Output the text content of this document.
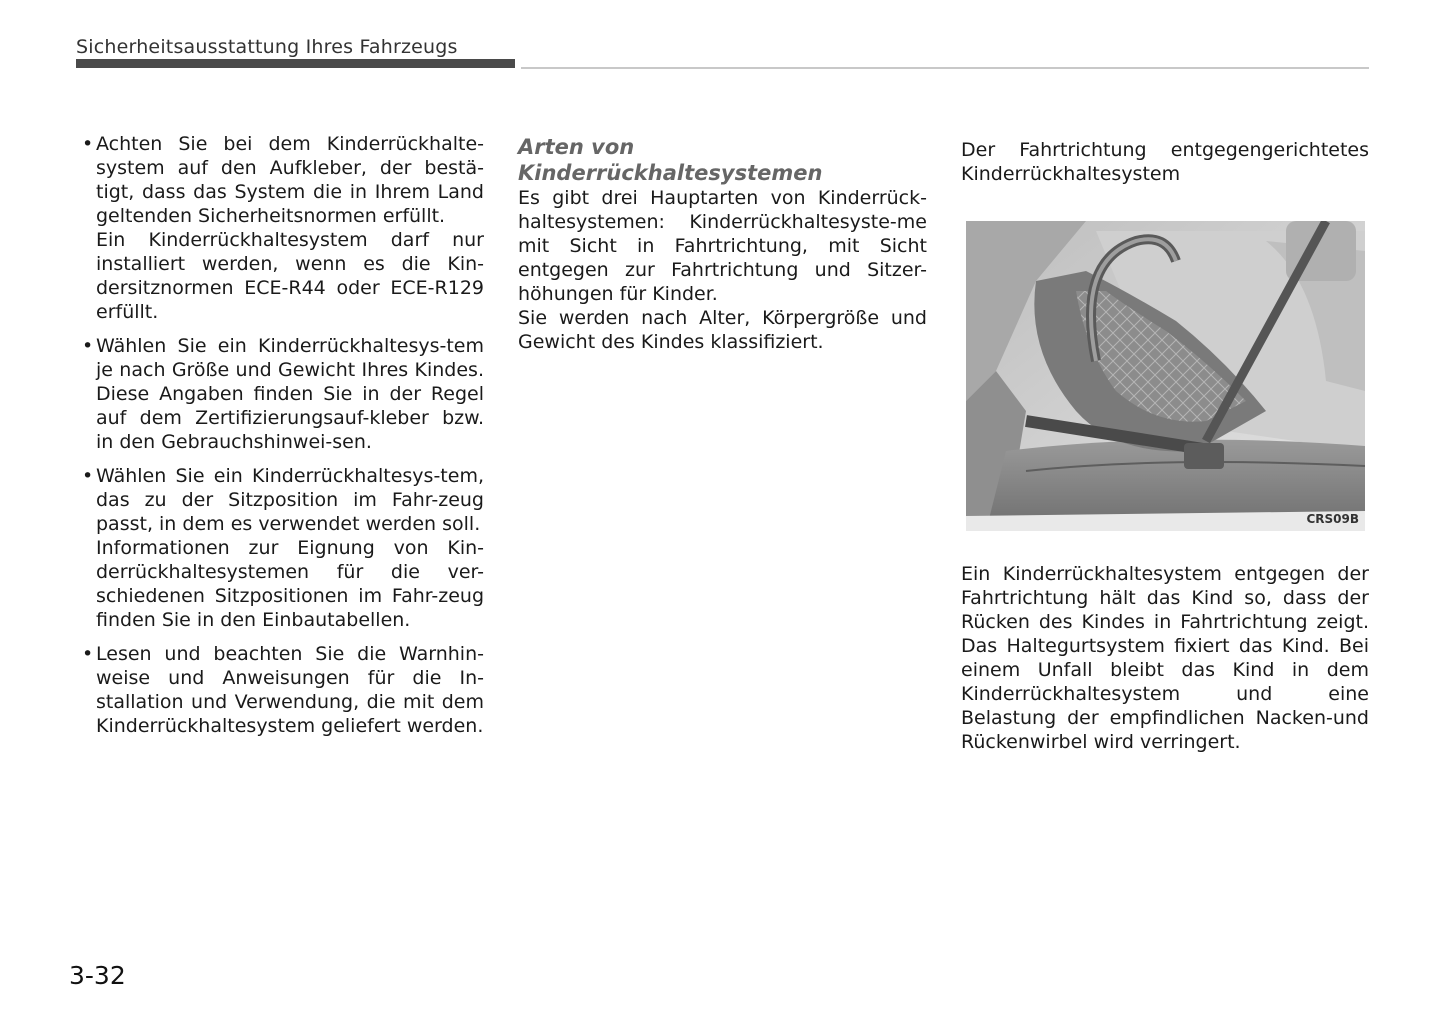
Sicherheitsausstattung Ihres Fahrzeugs
• Achten Sie bei dem Kinderrückhalte-system auf den Aufkleber, der bestä-tigt, dass das System die in Ihrem Land geltenden Sicherheitsnormen erfüllt.

Ein Kinderrückhaltesystem darf nur installiert werden, wenn es die Kin-dersitznormen ECE-R44 oder ECE-R129 erfüllt.

• Wählen Sie ein Kinderrückhaltesys-tem je nach Größe und Gewicht Ihres Kindes. Diese Angaben finden Sie in der Regel auf dem Zertifizierungsauf-kleber bzw. in den Gebrauchshinwei-sen.

• Wählen Sie ein Kinderrückhaltesys-tem, das zu der Sitzposition im Fahr-zeug passt, in dem es verwendet werden soll.

Informationen zur Eignung von Kin-derrückhaltesystemen für die ver-schiedenen Sitzpositionen im Fahr-zeug finden Sie in den Einbautabellen.

• Lesen und beachten Sie die Warnhin-weise und Anweisungen für die In-stallation und Verwendung, die mit dem Kinderrückhaltesystem geliefert werden.

Arten von Kinderrückhaltesystemen

Es gibt drei Hauptarten von Kinderrück-haltesystemen: Kinderrückhaltesyste-me mit Sicht in Fahrtrichtung, mit Sicht entgegen zur Fahrtrichtung und Sitzer-höhungen für Kinder.

Sie werden nach Alter, Körpergröße und Gewicht des Kindes klassifiziert.

Der Fahrtrichtung entgegengerichtetes Kinderrückhaltesystem

CRS09B

Ein Kinderrückhaltesystem entgegen der Fahrtrichtung hält das Kind so, dass der Rücken des Kindes in Fahrtrichtung zeigt. Das Haltegurtsystem fixiert das Kind. Bei einem Unfall bleibt das Kind in dem Kinderrückhaltesystem und eine Belastung der empfindlichen Nacken-und Rückenwirbel wird verringert.

3-32
